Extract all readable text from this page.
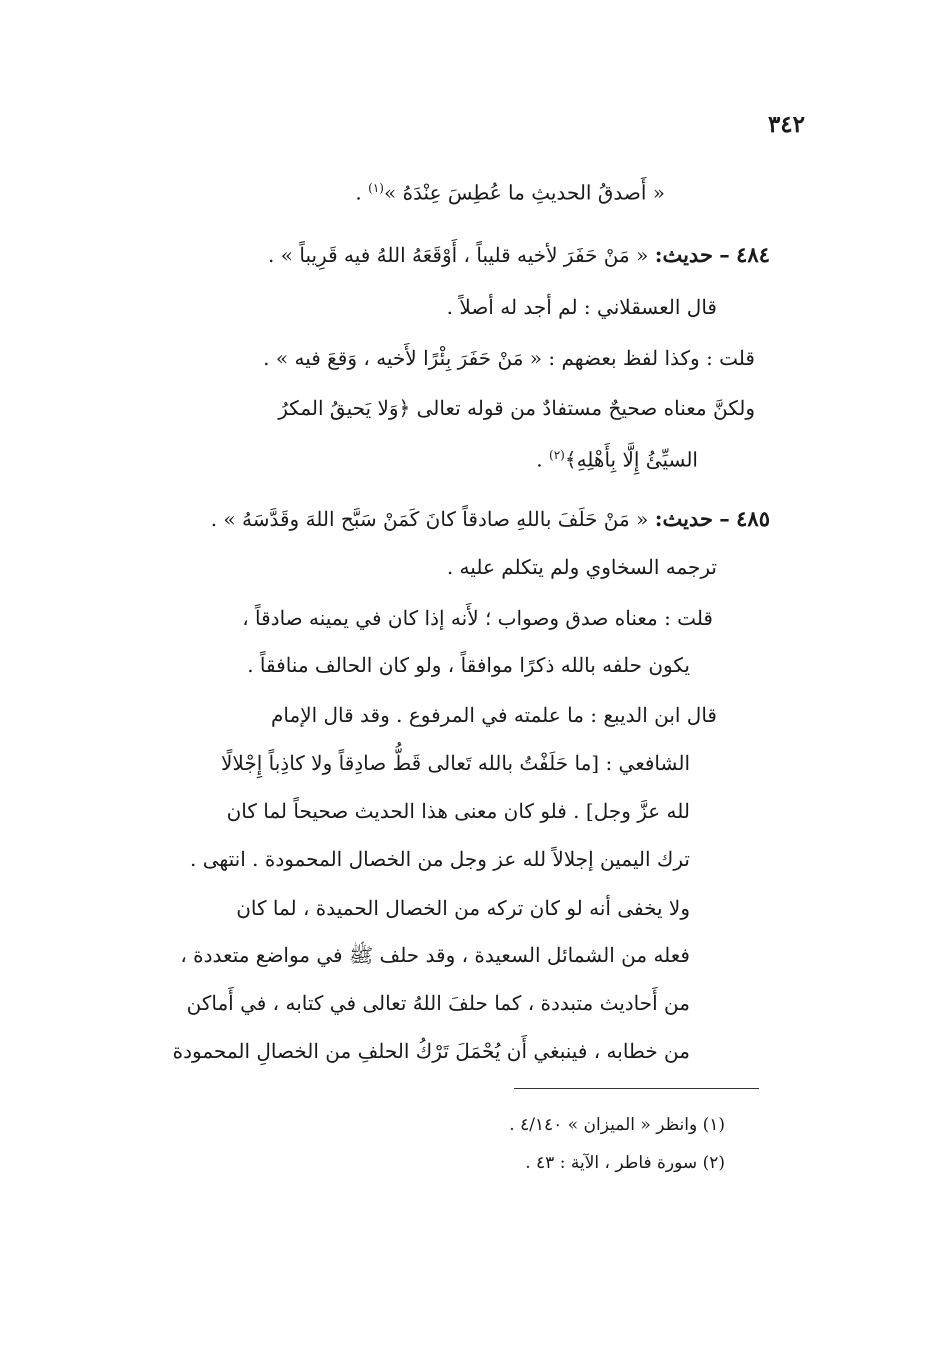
٣٤٢
« أَصدقُ الحديثِ ما عُطِسَ عِنْدَهُ »$^{(١)}$ .
٤٨٤ – حديث: « مَنْ حَفَرَ لأخيه قليباً ، أَوْقَعَهُ اللهُ فيه قَرِيباً » .
قال العسقلاني : لم أجد له أصلاً .
قلت : وكذا لفظ بعضهم : « مَنْ حَفَرَ بِئْرًا لأَخيه ، وَقعَ فيه » .
ولكنَّ معناه صحيحٌ مستفادٌ من قوله تعالى ﴿وَلا يَحيقُ المكرُ
السيِّئُ إِلَّا بِأَهْلِهِ﴾$^{(٢)}$ .
٤٨٥ – حديث: « مَنْ حَلَفَ باللهِ صادقاً كانَ كَمَنْ سَبَّح اللهَ وقَدَّسَهُ » .
ترجمه السخاوي ولم يتكلم عليه .
قلت : معناه صدق وصواب ؛ لأَنه إذا كان في يمينه صادقاً ،
يكون حلفه بالله ذكرًا موافقاً ، ولو كان الحالف منافقاً .
قال ابن الديبع : ما علمته في المرفوع . وقد قال الإمام
الشافعي : [ما حَلَفْتُ بالله تَعالى قَطُّ صادِقاً ولا كاذِباً إِجْلالًا
لله عزَّ وجل] . فلو كان معنى هذا الحديث صحيحاً لما كان
ترك اليمين إجلالاً لله عز وجل من الخصال المحمودة . انتهى .
ولا يخفى أنه لو كان تركه من الخصال الحميدة ، لما كان
فعله من الشمائل السعيدة ، وقد حلف ﷺ في مواضع متعددة ،
من أَحاديث متبددة ، كما حلفَ اللهُ تعالى في كتابه ، في أَماكن
من خطابه ، فينبغي أَن يُحْمَلَ تَرْكُ الحلفِ من الخصالِ المحمودة
(١) وانظر « الميزان » ٤/١٤٠ .
(٢) سورة فاطر ، الآية : ٤٣ .
